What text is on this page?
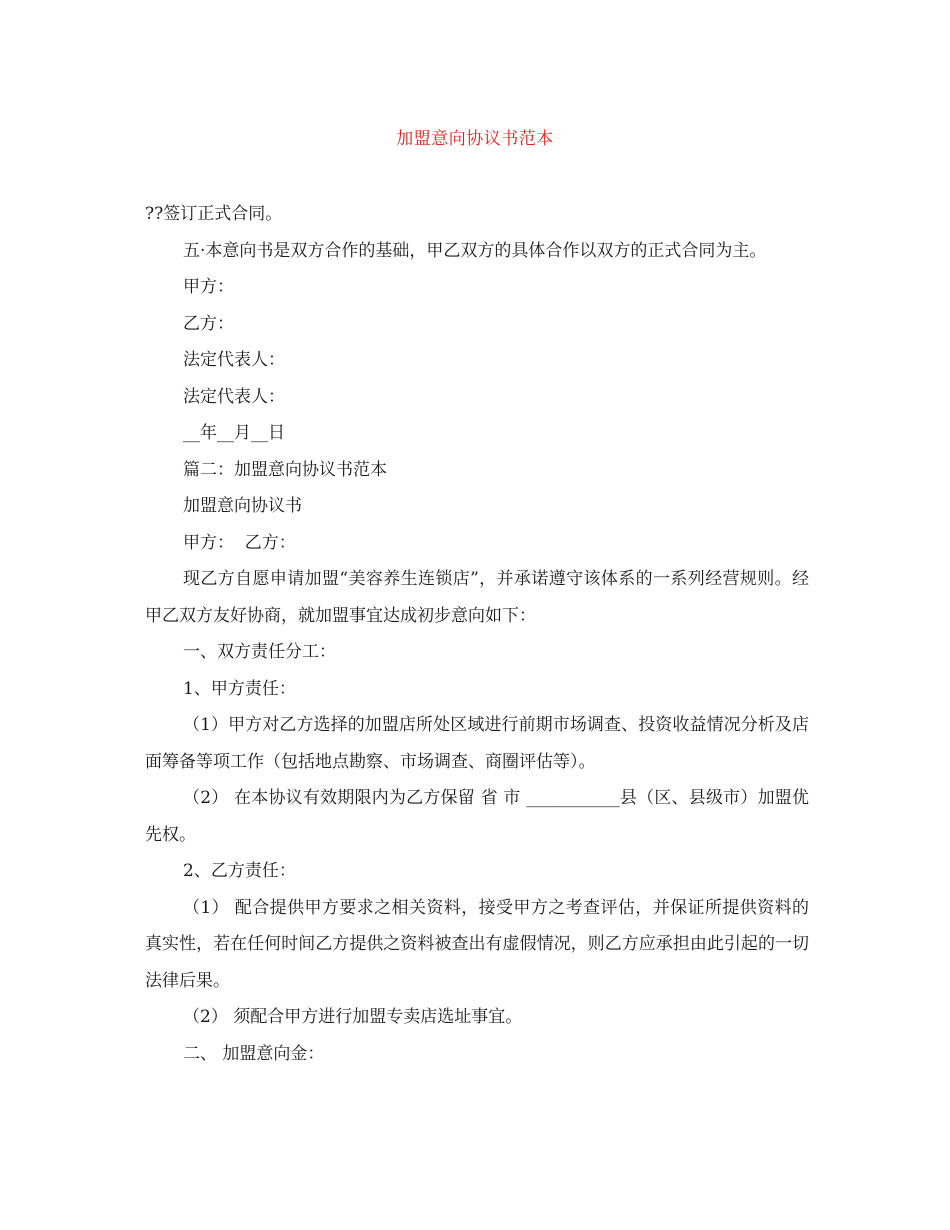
加盟意向协议书范本

??签订正式合同。

五·本意向书是双方合作的基础，甲乙双方的具体合作以双方的正式合同为主。

甲方：

乙方：

法定代表人：

法定代表人：

__年__月__日

篇二：加盟意向协议书范本

加盟意向协议书

甲方：  乙方：

现乙方自愿申请加盟“美容养生连锁店”，并承诺遵守该体系的一系列经营规则。经甲乙双方友好协商，就加盟事宜达成初步意向如下：

一、双方责任分工：

1、甲方责任：

（1）甲方对乙方选择的加盟店所处区域进行前期市场调查、投资收益情况分析及店面筹备等项工作（包括地点勘察、市场调查、商圈评估等）。

（2） 在本协议有效期限内为乙方保留 省 市 ___________县（区、县级市）加盟优先权。

2、乙方责任：

（1） 配合提供甲方要求之相关资料，接受甲方之考查评估，并保证所提供资料的真实性，若在任何时间乙方提供之资料被查出有虚假情况，则乙方应承担由此引起的一切法律后果。

（2） 须配合甲方进行加盟专卖店选址事宜。

二、 加盟意向金：
